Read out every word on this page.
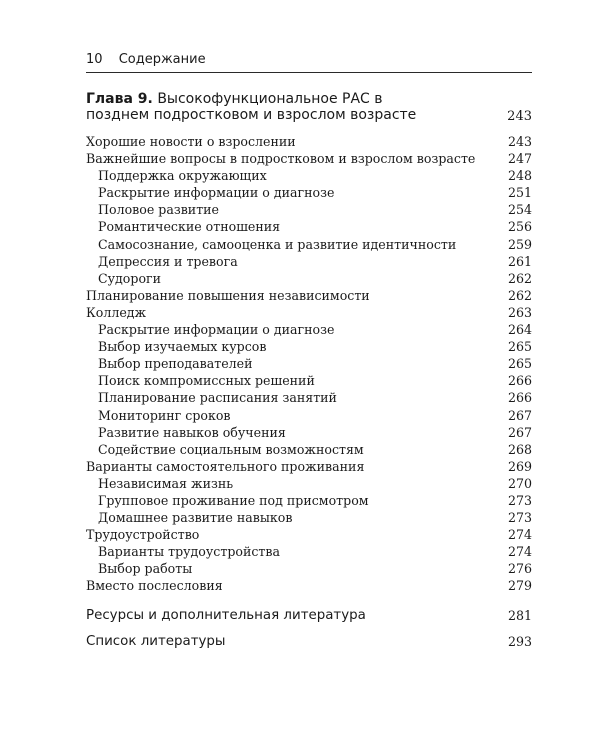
10 Содержание
Глава 9. Высокофункциональное РАС в позднем подростковом и взрослом возрасте	243
Хорошие новости о взрослении	243
Важнейшие вопросы в подростковом и взрослом возрасте	247
Поддержка окружающих	248
Раскрытие информации о диагнозе	251
Половое развитие	254
Романтические отношения	256
Самосознание, самооценка и развитие идентичности	259
Депрессия и тревога	261
Судороги	262
Планирование повышения независимости	262
Колледж	263
Раскрытие информации о диагнозе	264
Выбор изучаемых курсов	265
Выбор преподавателей	265
Поиск компромиссных решений	266
Планирование расписания занятий	266
Мониторинг сроков	267
Развитие навыков обучения	267
Содействие социальным возможностям	268
Варианты самостоятельного проживания	269
Независимая жизнь	270
Групповое проживание под присмотром	273
Домашнее развитие навыков	273
Трудоустройство	274
Варианты трудоустройства	274
Выбор работы	276
Вместо послесловия	279
Ресурсы и дополнительная литература	281
Список литературы	293
